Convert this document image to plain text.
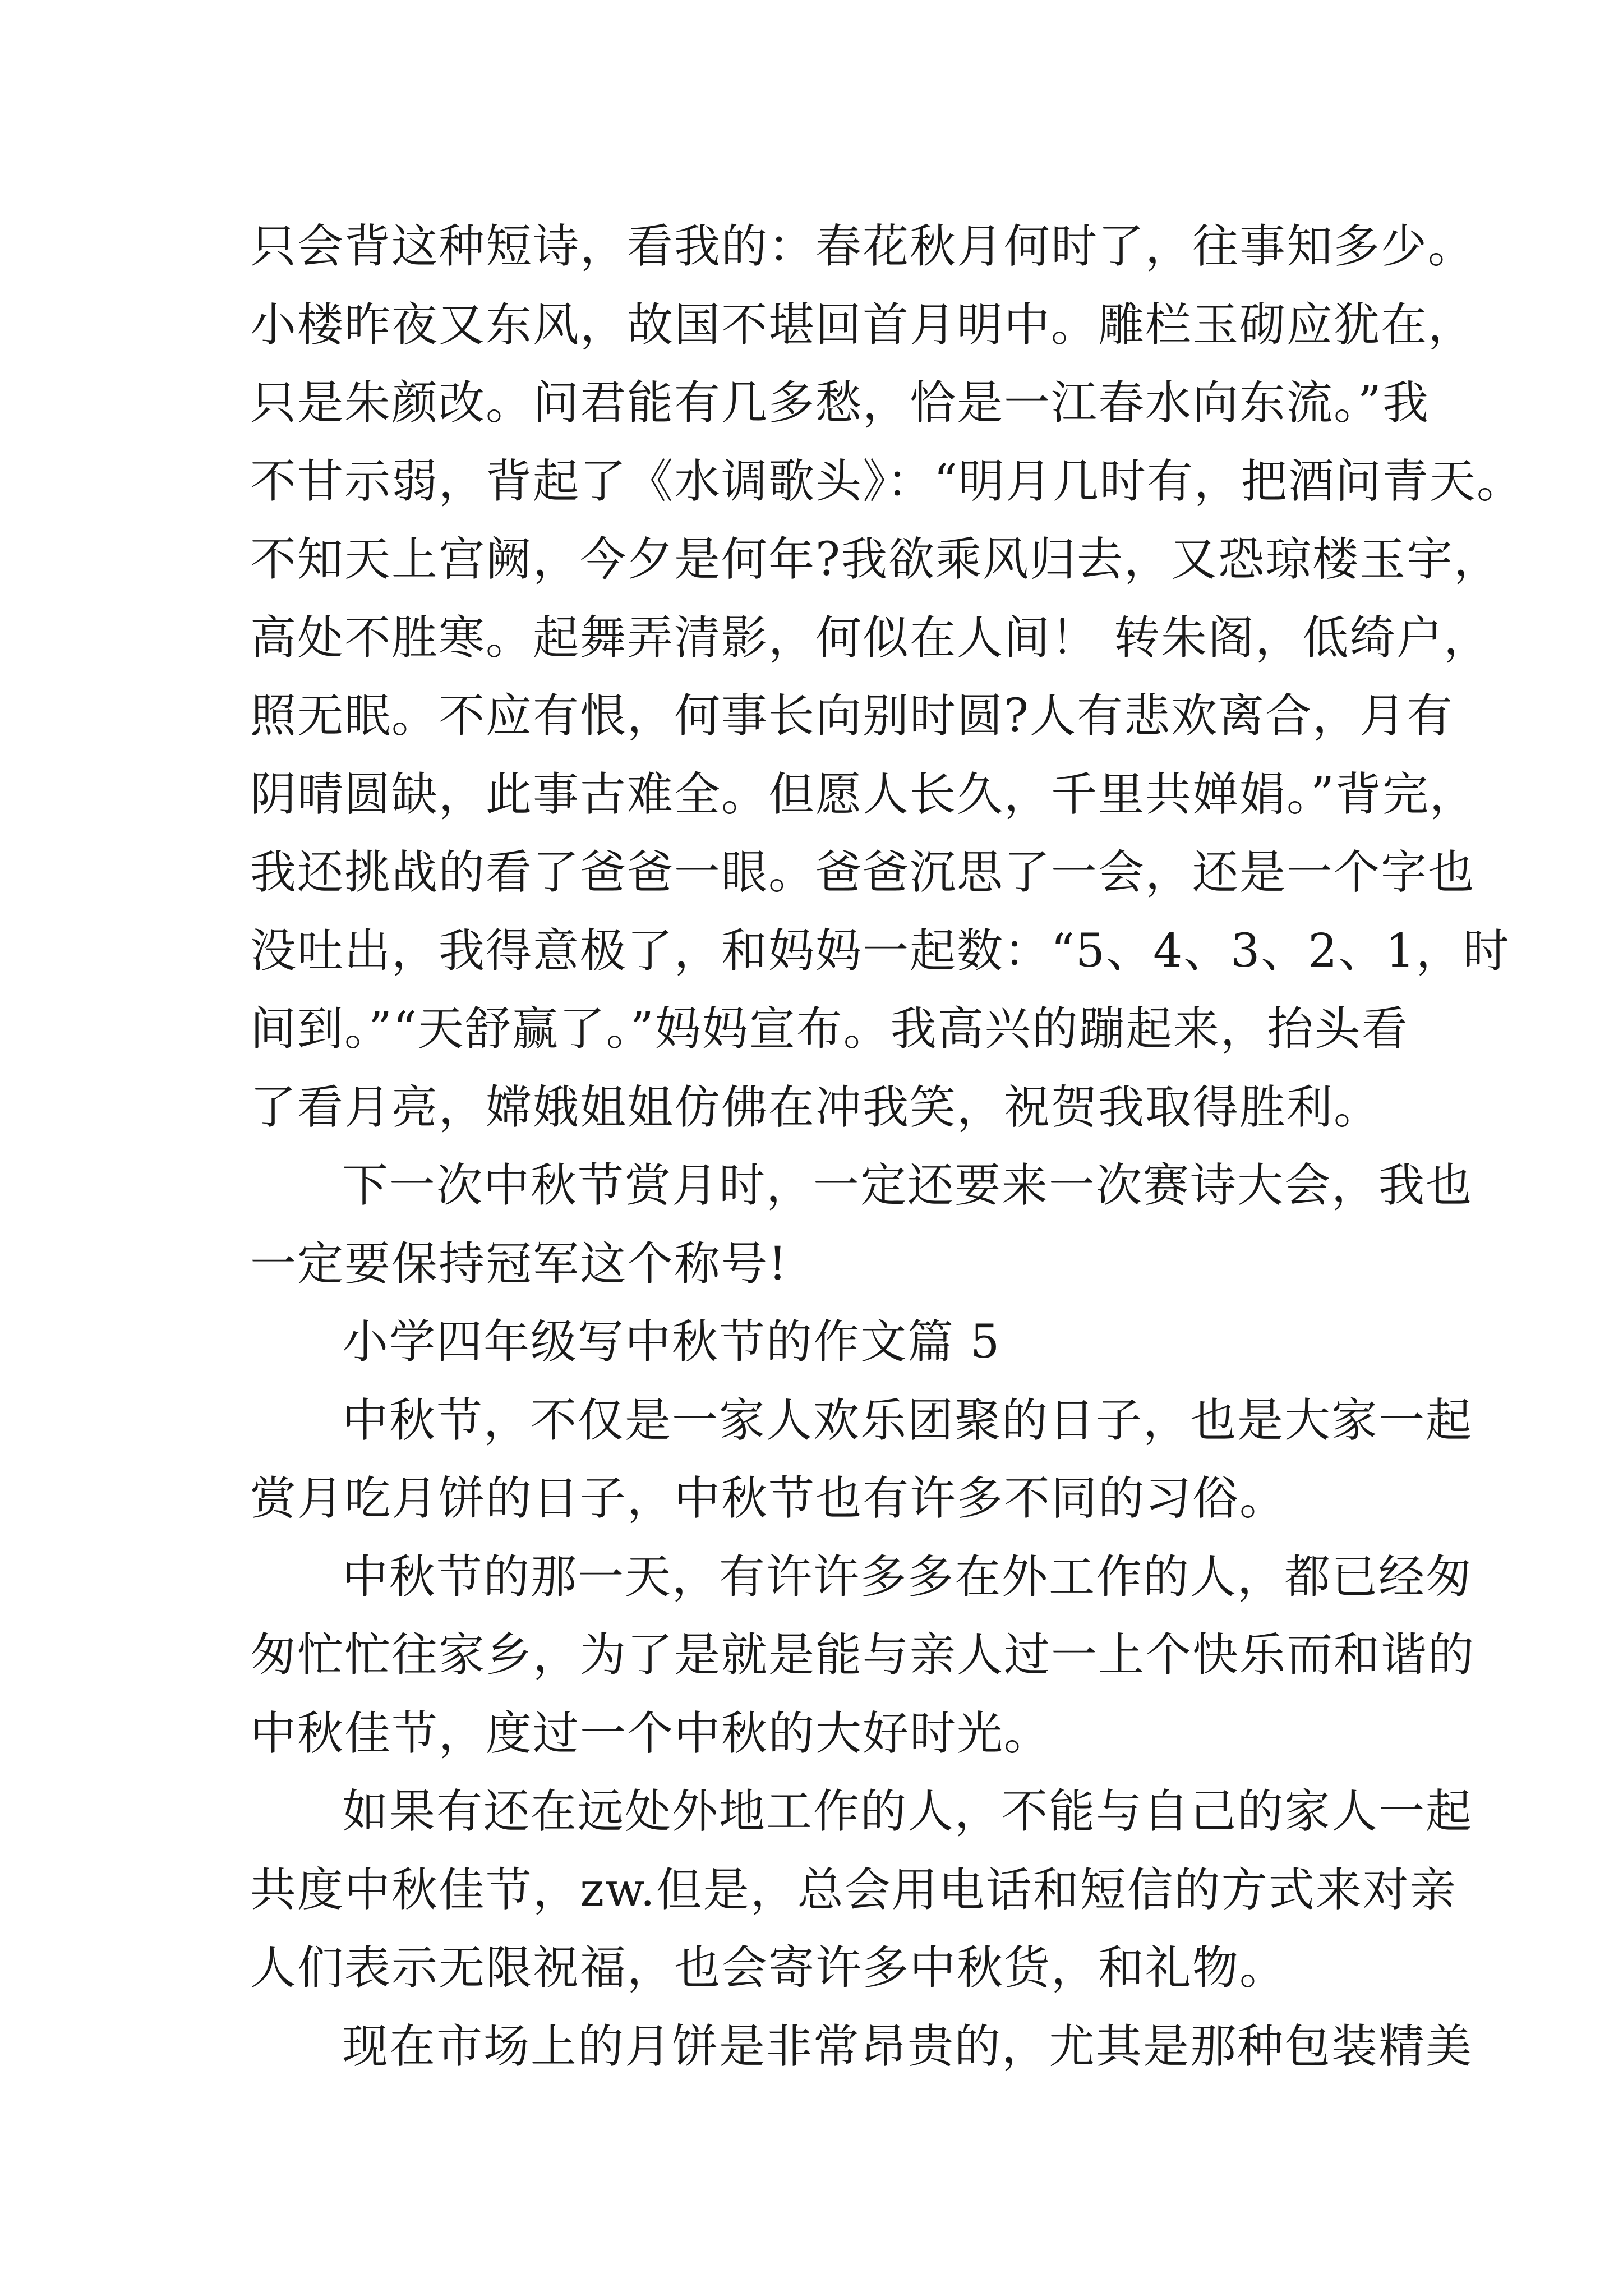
只会背这种短诗，看我的：春花秋月何时了，往事知多少。
小楼昨夜又东风，故国不堪回首月明中。雕栏玉砌应犹在，
只是朱颜改。问君能有几多愁，恰是一江春水向东流。”我
不甘示弱，背起了《水调歌头》：“明月几时有，把酒问青天。
不知天上宫阙，今夕是何年?我欲乘风归去，又恐琼楼玉宇，
高处不胜寒。起舞弄清影，何似在人间！ 转朱阁，低绮户，
照无眠。不应有恨，何事长向别时圆?人有悲欢离合，月有
阴晴圆缺，此事古难全。但愿人长久，千里共婵娟。”背完，
我还挑战的看了爸爸一眼。爸爸沉思了一会，还是一个字也
没吐出，我得意极了，和妈妈一起数：“5、4、3、2、1，时
间到。”“天舒赢了。”妈妈宣布。我高兴的蹦起来，抬头看
了看月亮，嫦娥姐姐仿佛在冲我笑，祝贺我取得胜利。
下一次中秋节赏月时，一定还要来一次赛诗大会，我也
一定要保持冠军这个称号!
小学四年级写中秋节的作文篇 5
中秋节，不仅是一家人欢乐团聚的日子，也是大家一起
赏月吃月饼的日子，中秋节也有许多不同的习俗。
中秋节的那一天，有许许多多在外工作的人，都已经匆
匆忙忙往家乡，为了是就是能与亲人过一上个快乐而和谐的
中秋佳节，度过一个中秋的大好时光。
如果有还在远处外地工作的人，不能与自己的家人一起
共度中秋佳节，zw.但是，总会用电话和短信的方式来对亲
人们表示无限祝福，也会寄许多中秋货，和礼物。
现在市场上的月饼是非常昂贵的，尤其是那种包装精美
